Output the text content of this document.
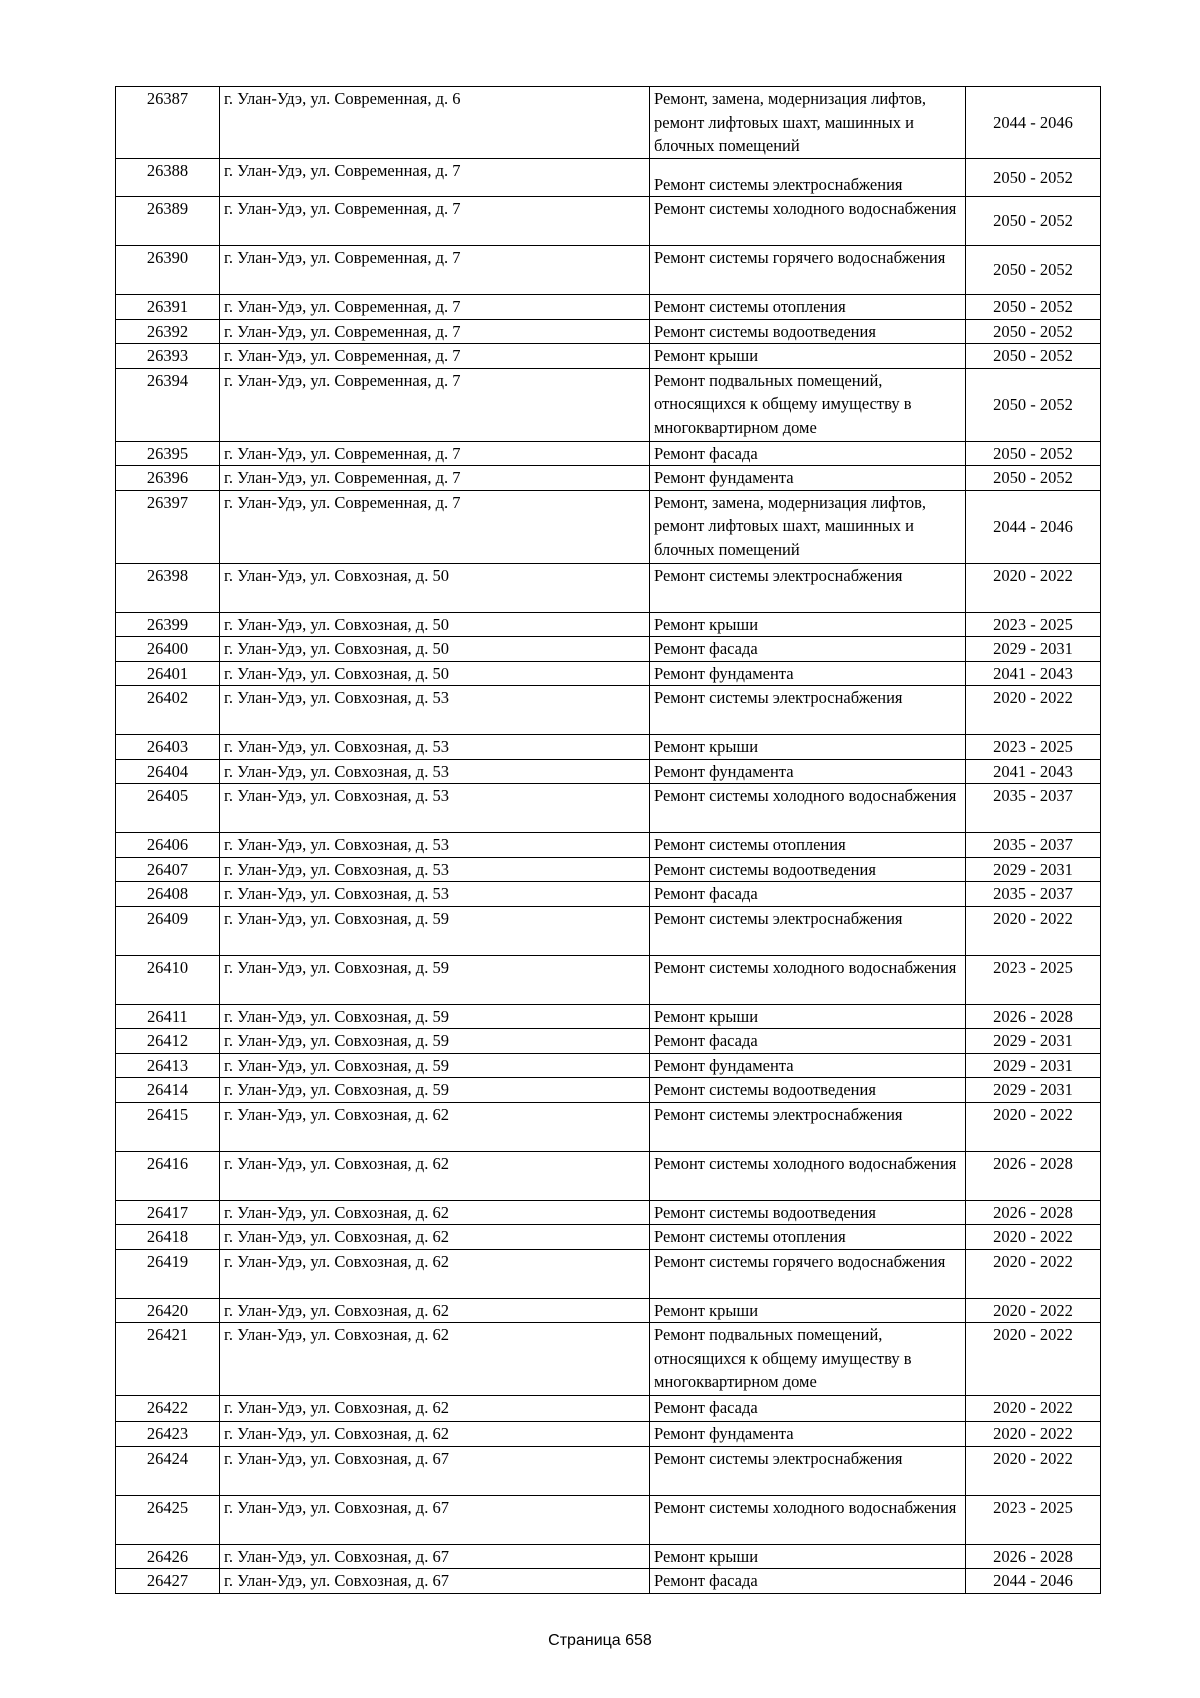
26387	г. Улан-Удэ, ул. Современная, д. 6	Ремонт, замена, модернизация лифтов, ремонт лифтовых шахт, машинных и блочных помещений	2044 - 2046
26388	г. Улан-Удэ, ул. Современная, д. 7	Ремонт системы электроснабжения	2050 - 2052
26389	г. Улан-Удэ, ул. Современная, д. 7	Ремонт системы холодного водоснабжения	2050 - 2052
26390	г. Улан-Удэ, ул. Современная, д. 7	Ремонт системы горячего водоснабжения	2050 - 2052
26391	г. Улан-Удэ, ул. Современная, д. 7	Ремонт системы отопления	2050 - 2052
26392	г. Улан-Удэ, ул. Современная, д. 7	Ремонт системы водоотведения	2050 - 2052
26393	г. Улан-Удэ, ул. Современная, д. 7	Ремонт крыши	2050 - 2052
26394	г. Улан-Удэ, ул. Современная, д. 7	Ремонт подвальных помещений, относящихся к общему имуществу в многоквартирном доме	2050 - 2052
26395	г. Улан-Удэ, ул. Современная, д. 7	Ремонт фасада	2050 - 2052
26396	г. Улан-Удэ, ул. Современная, д. 7	Ремонт фундамента	2050 - 2052
26397	г. Улан-Удэ, ул. Современная, д. 7	Ремонт, замена, модернизация лифтов, ремонт лифтовых шахт, машинных и блочных помещений	2044 - 2046
26398	г. Улан-Удэ, ул. Совхозная, д. 50	Ремонт системы электроснабжения	2020 - 2022
26399	г. Улан-Удэ, ул. Совхозная, д. 50	Ремонт крыши	2023 - 2025
26400	г. Улан-Удэ, ул. Совхозная, д. 50	Ремонт фасада	2029 - 2031
26401	г. Улан-Удэ, ул. Совхозная, д. 50	Ремонт фундамента	2041 - 2043
26402	г. Улан-Удэ, ул. Совхозная, д. 53	Ремонт системы электроснабжения	2020 - 2022
26403	г. Улан-Удэ, ул. Совхозная, д. 53	Ремонт крыши	2023 - 2025
26404	г. Улан-Удэ, ул. Совхозная, д. 53	Ремонт фундамента	2041 - 2043
26405	г. Улан-Удэ, ул. Совхозная, д. 53	Ремонт системы холодного водоснабжения	2035 - 2037
26406	г. Улан-Удэ, ул. Совхозная, д. 53	Ремонт системы отопления	2035 - 2037
26407	г. Улан-Удэ, ул. Совхозная, д. 53	Ремонт системы водоотведения	2029 - 2031
26408	г. Улан-Удэ, ул. Совхозная, д. 53	Ремонт фасада	2035 - 2037
26409	г. Улан-Удэ, ул. Совхозная, д. 59	Ремонт системы электроснабжения	2020 - 2022
26410	г. Улан-Удэ, ул. Совхозная, д. 59	Ремонт системы холодного водоснабжения	2023 - 2025
26411	г. Улан-Удэ, ул. Совхозная, д. 59	Ремонт крыши	2026 - 2028
26412	г. Улан-Удэ, ул. Совхозная, д. 59	Ремонт фасада	2029 - 2031
26413	г. Улан-Удэ, ул. Совхозная, д. 59	Ремонт фундамента	2029 - 2031
26414	г. Улан-Удэ, ул. Совхозная, д. 59	Ремонт системы водоотведения	2029 - 2031
26415	г. Улан-Удэ, ул. Совхозная, д. 62	Ремонт системы электроснабжения	2020 - 2022
26416	г. Улан-Удэ, ул. Совхозная, д. 62	Ремонт системы холодного водоснабжения	2026 - 2028
26417	г. Улан-Удэ, ул. Совхозная, д. 62	Ремонт системы водоотведения	2026 - 2028
26418	г. Улан-Удэ, ул. Совхозная, д. 62	Ремонт системы отопления	2020 - 2022
26419	г. Улан-Удэ, ул. Совхозная, д. 62	Ремонт системы горячего водоснабжения	2020 - 2022
26420	г. Улан-Удэ, ул. Совхозная, д. 62	Ремонт крыши	2020 - 2022
26421	г. Улан-Удэ, ул. Совхозная, д. 62	Ремонт подвальных помещений, относящихся к общему имуществу в многоквартирном доме	2020 - 2022
26422	г. Улан-Удэ, ул. Совхозная, д. 62	Ремонт фасада	2020 - 2022
26423	г. Улан-Удэ, ул. Совхозная, д. 62	Ремонт фундамента	2020 - 2022
26424	г. Улан-Удэ, ул. Совхозная, д. 67	Ремонт системы электроснабжения	2020 - 2022
26425	г. Улан-Удэ, ул. Совхозная, д. 67	Ремонт системы холодного водоснабжения	2023 - 2025
26426	г. Улан-Удэ, ул. Совхозная, д. 67	Ремонт крыши	2026 - 2028
26427	г. Улан-Удэ, ул. Совхозная, д. 67	Ремонт фасада	2044 - 2046
Страница 658
